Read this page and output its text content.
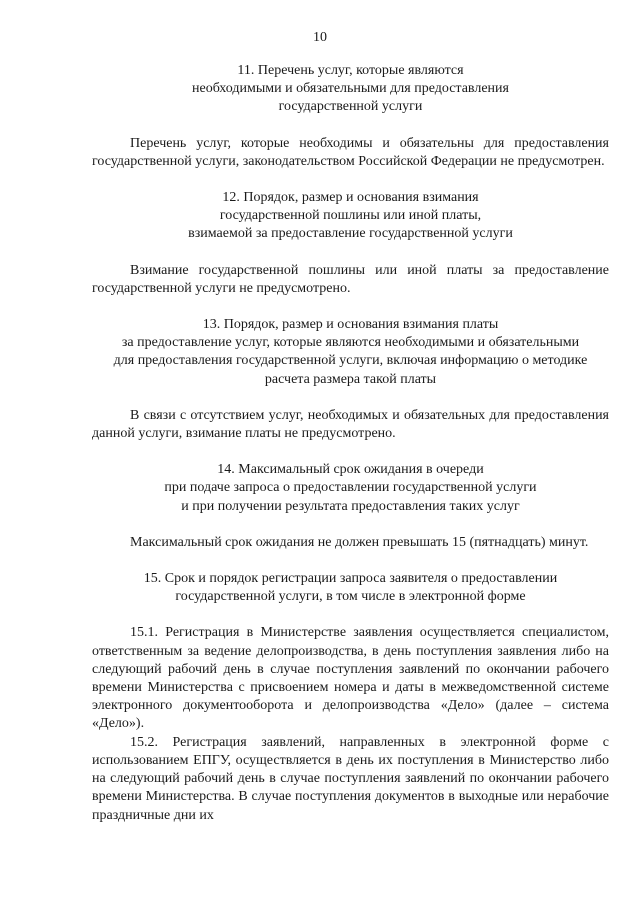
10
11. Перечень услуг, которые являются
необходимыми и обязательными для предоставления
государственной услуги

Перечень услуг, которые необходимы и обязательны для предоставления государственной услуги, законодательством Российской Федерации не предусмотрен.

12. Порядок, размер и основания взимания
государственной пошлины или иной платы,
взимаемой за предоставление государственной услуги

Взимание государственной пошлины или иной платы за предоставление государственной услуги не предусмотрено.

13. Порядок, размер и основания взимания платы
за предоставление услуг, которые являются необходимыми и обязательными
для предоставления государственной услуги, включая информацию о методике
расчета размера такой платы

В связи с отсутствием услуг, необходимых и обязательных для предоставления данной услуги, взимание платы не предусмотрено.

14. Максимальный срок ожидания в очереди
при подаче запроса о предоставлении государственной услуги
и при получении результата предоставления таких услуг

Максимальный срок ожидания не должен превышать 15 (пятнадцать) минут.

15. Срок и порядок регистрации запроса заявителя о предоставлении
государственной услуги, в том числе в электронной форме

15.1. Регистрация в Министерстве заявления осуществляется специалистом, ответственным за ведение делопроизводства, в день поступления заявления либо на следующий рабочий день в случае поступления заявлений по окончании рабочего времени Министерства с присвоением номера и даты в межведомственной системе электронного документооборота и делопроизводства «Дело» (далее – система «Дело»).

15.2. Регистрация заявлений, направленных в электронной форме с использованием ЕПГУ, осуществляется в день их поступления в Министерство либо на следующий рабочий день в случае поступления заявлений по окончании рабочего времени Министерства. В случае поступления документов в выходные или нерабочие праздничные дни их
